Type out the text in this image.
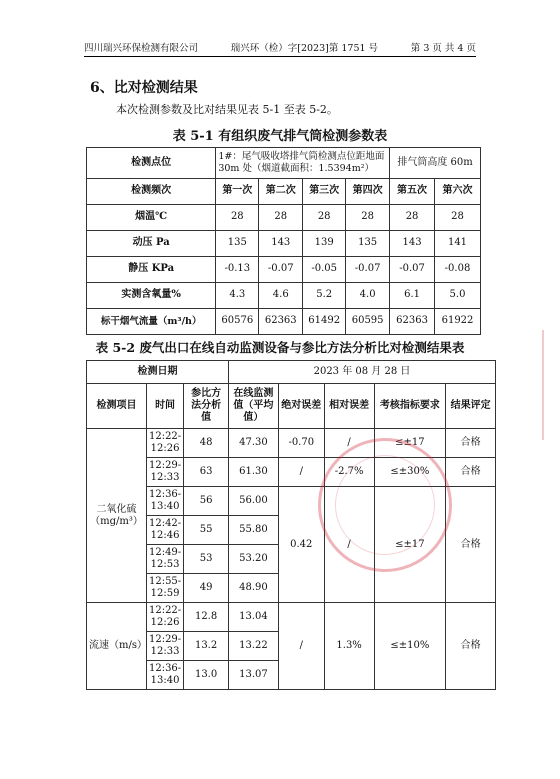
四川瑞兴环保检测有限公司	瑞兴环（检）字[2023]第 1751 号	第 3 页 共 4 页
6、比对检测结果
本次检测参数及比对结果见表 5-1 至表 5-2。
表 5-1 有组织废气排气筒检测参数表
检测点位	1#：尾气吸收塔排气筒检测点位距地面30m 处（烟道截面积：1.5394m²）				排气筒高度 60m	
检测频次	第一次	第二次	第三次	第四次	第五次	第六次
烟温℃	28	28	28	28	28	28
动压 Pa	135	143	139	135	143	141
静压 KPa	-0.13	-0.07	-0.05	-0.07	-0.07	-0.08
实测含氧量%	4.3	4.6	5.2	4.0	6.1	5.0
标干烟气流量（m³/h）	60576	62363	61492	60595	62363	61922
表 5-2 废气出口在线自动监测设备与参比方法分析比对检测结果表
检测日期			2023 年 08 月 28 日				
检测项目	时间	参比方法分析值	在线监测值（平均值）	绝对误差	相对误差	考核指标要求	结果评定
二氧化硫（mg/m³）	12:22-12:26	48	47.30	-0.70	/	≤±17	合格
	12:29-12:33	63	61.30	/	-2.7%	≤±30%	合格
	12:36-13:40	56	56.00	0.42	/	≤±17	合格
	12:42-12:46	55	55.80				
	12:49-12:53	53	53.20				
	12:55-12:59	49	48.90				
流速（m/s）	12:22-12:26	12.8	13.04	/	1.3%	≤±10%	合格
	12:29-12:33	13.2	13.22				
	12:36-13:40	13.0	13.07				
